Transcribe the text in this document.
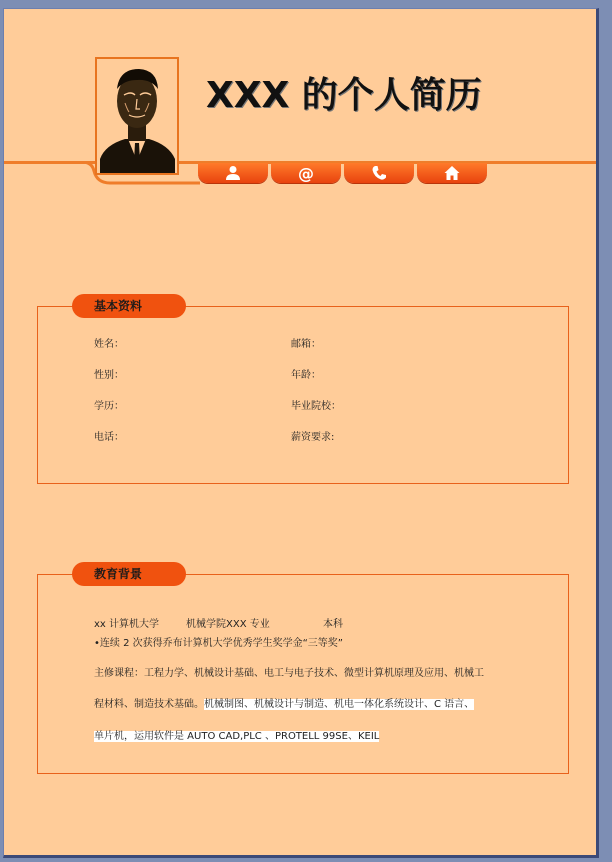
XXX 的个人简历
@
基本资料
姓名：	邮箱：
性别：	年龄：
学历：	毕业院校：
电话：	薪资要求:
教育背景
xx 计算机大学	机械学院XXX 专业	本科
•连续 2 次获得乔布计算机大学优秀学生奖学金“三等奖”
主修课程：工程力学、机械设计基础、电工与电子技术、微型计算机原理及应用、机械工
程材料、制造技术基础。机械制图、机械设计与制造、机电一体化系统设计、C 语言、
单片机，运用软件是 AUTO CAD,PLC 、PROTELL 99SE、KEIL
